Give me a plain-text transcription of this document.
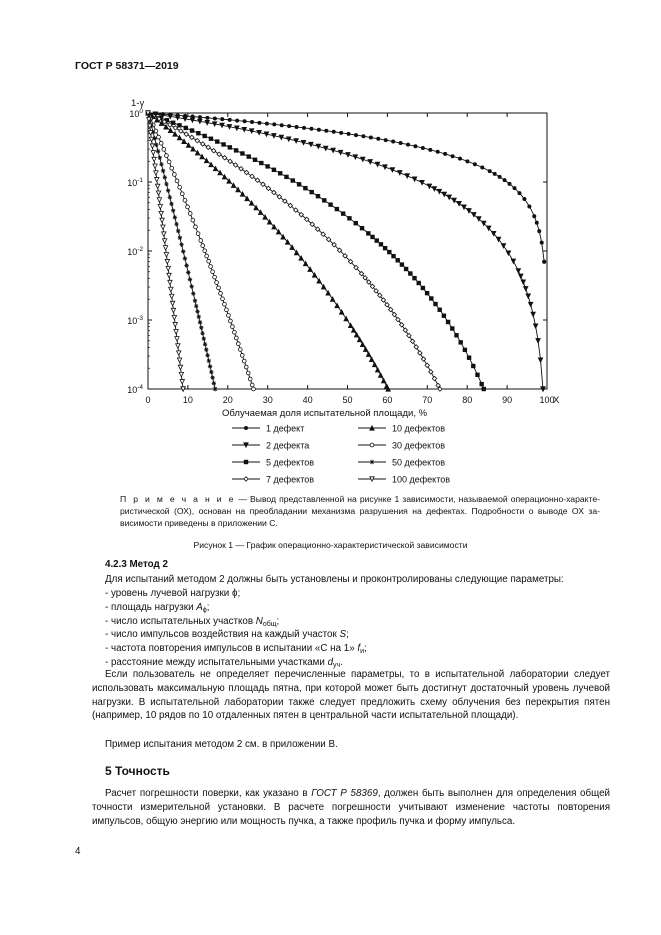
ГОСТ Р 58371—2019
1-γ
X
Облучаемая доля испытательной площади, %
0	10	20	30	40	50	60	70	80	90	100
$10^0$
$10^{-1}$
$10^{-2}$
$10^{-3}$
$10^{-4}$
1 дефект
2 дефекта
5 дефектов
7 дефектов
10 дефектов
30 дефектов
50 дефектов
100 дефектов
П р и м е ч а н и е — Вывод представленной на рисунке 1 зависимости, называемой операционно-характеристической (ОХ), основан на преобладании механизма разрушения на дефектах. Подробности о выводе ОХ зависимости приведены в приложении С.
Рисунок 1 — График операционно-характеристической зависимости
4.2.3 Метод 2
Для испытаний методом 2 должны быть установлены и проконтролированы следующие параметры:
- уровень лучевой нагрузки ϕ;
- площадь нагрузки $A_\phi$;
- число испытательных участков $N_{общ}$;
- число импульсов воздействия на каждый участок S;
- частота повторения импульсов в испытании «С на 1» $f_и$;
- расстояние между испытательными участками $d_{уч}$.
Если пользователь не определяет перечисленные параметры, то в испытательной лаборатории следует использовать максимальную площадь пятна, при которой может быть достигнут достаточный уровень лучевой нагрузки. В испытательной лаборатории также следует предложить схему облучения без перекрытия пятен (например, 10 рядов по 10 отдаленных пятен в центральной части испытательной площади).
Пример испытания методом 2 см. в приложении В.
5 Точность
Расчет погрешности поверки, как указано в ГОСТ Р 58369, должен быть выполнен для определения общей точности измерительной установки. В расчете погрешности учитывают изменение частоты повторения импульсов, общую энергию или мощность пучка, а также профиль пучка и форму импульса.
4
